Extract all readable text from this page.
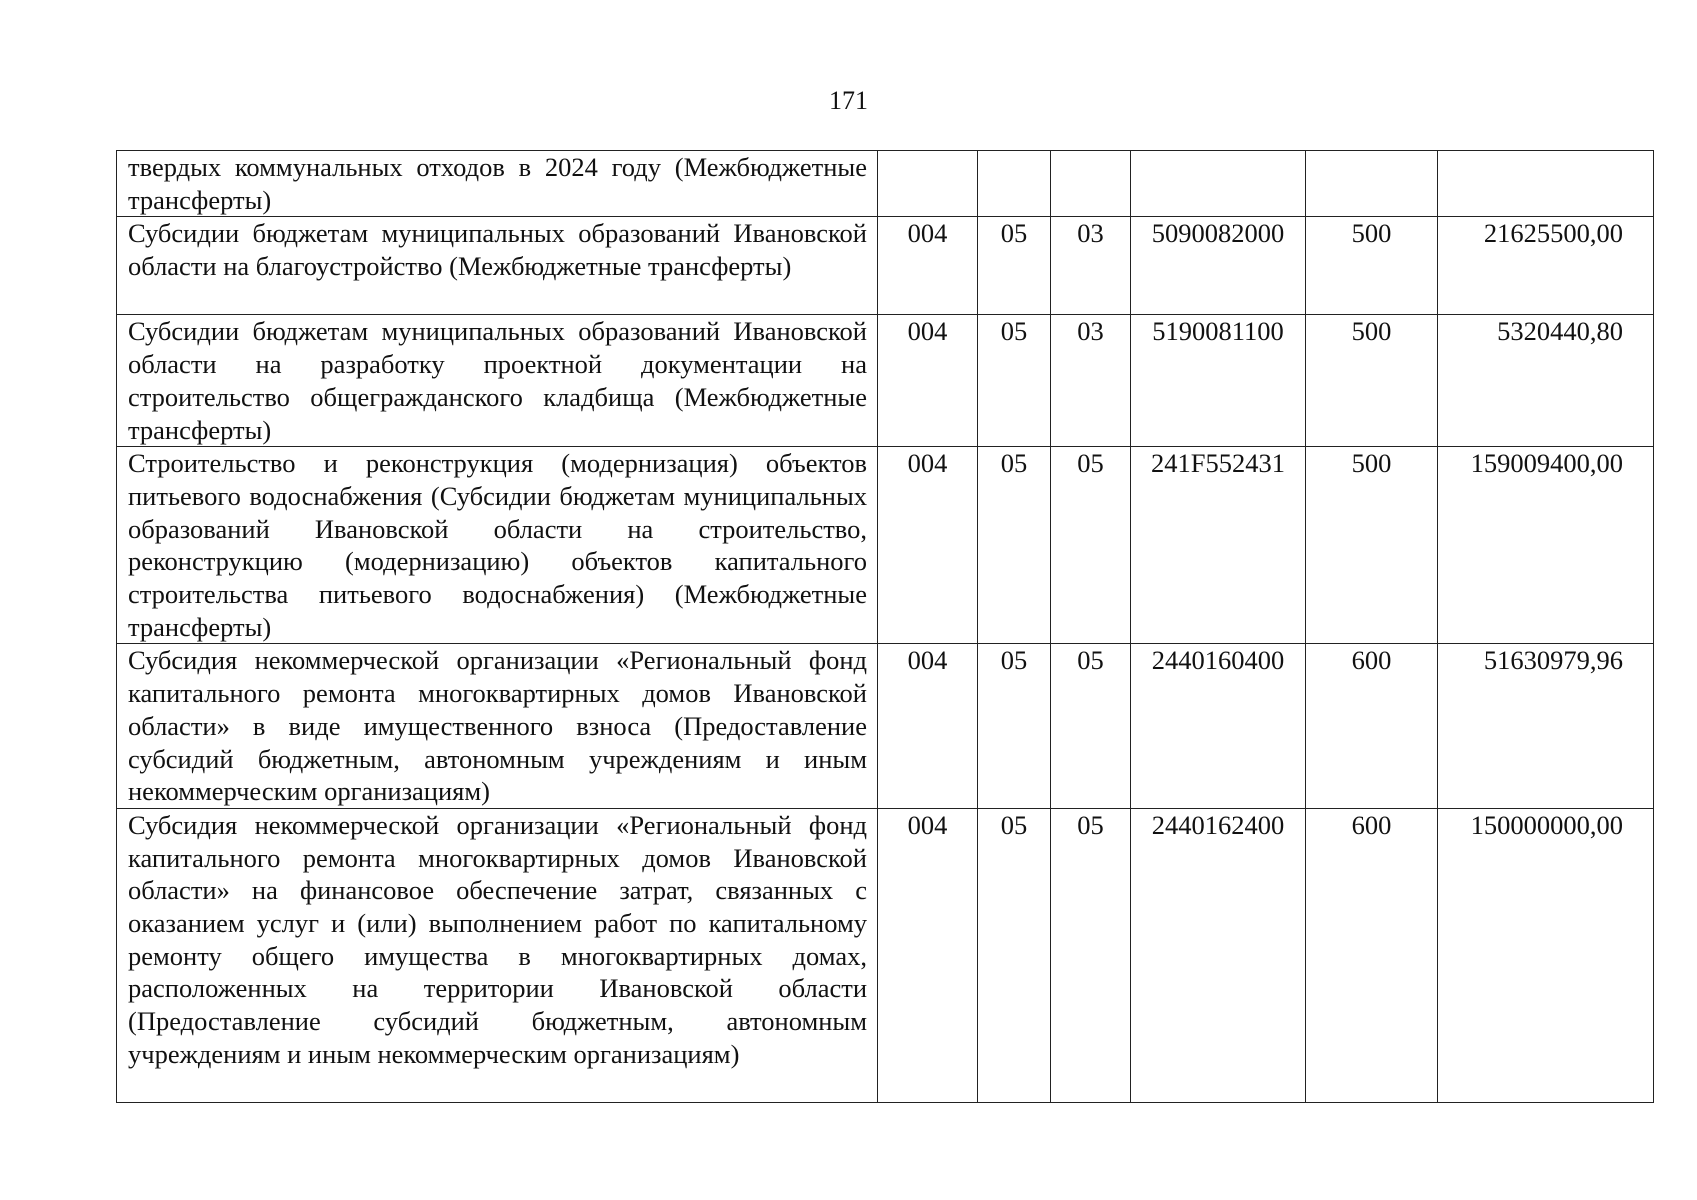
171
твердых коммунальных отходов в 2024 году (Межбюджетные трансферты)						
Субсидии бюджетам муниципальных образований Ивановской области на благоустройство (Межбюджетные трансферты)	004	05	03	5090082000	500	21625500,00
Субсидии бюджетам муниципальных образований Ивановской области на разработку проектной документации на строительство общегражданского кладбища (Межбюджетные трансферты)	004	05	03	5190081100	500	5320440,80
Строительство и реконструкция (модернизация) объектов питьевого водоснабжения (Субсидии бюджетам муниципальных образований Ивановской области на строительство, реконструкцию (модернизацию) объектов капитального строительства питьевого водоснабжения) (Межбюджетные трансферты)	004	05	05	241F552431	500	159009400,00
Субсидия некоммерческой организации «Региональный фонд капитального ремонта многоквартирных домов Ивановской области» в виде имущественного взноса (Предоставление субсидий бюджетным, автономным учреждениям и иным некоммерческим организациям)	004	05	05	2440160400	600	51630979,96
Субсидия некоммерческой организации «Региональный фонд капитального ремонта многоквартирных домов Ивановской области» на финансовое обеспечение затрат, связанных с оказанием услуг и (или) выполнением работ по капитальному ремонту общего имущества в многоквартирных домах, расположенных на территории Ивановской области (Предоставление субсидий бюджетным, автономным учреждениям и иным некоммерческим организациям)	004	05	05	2440162400	600	150000000,00
